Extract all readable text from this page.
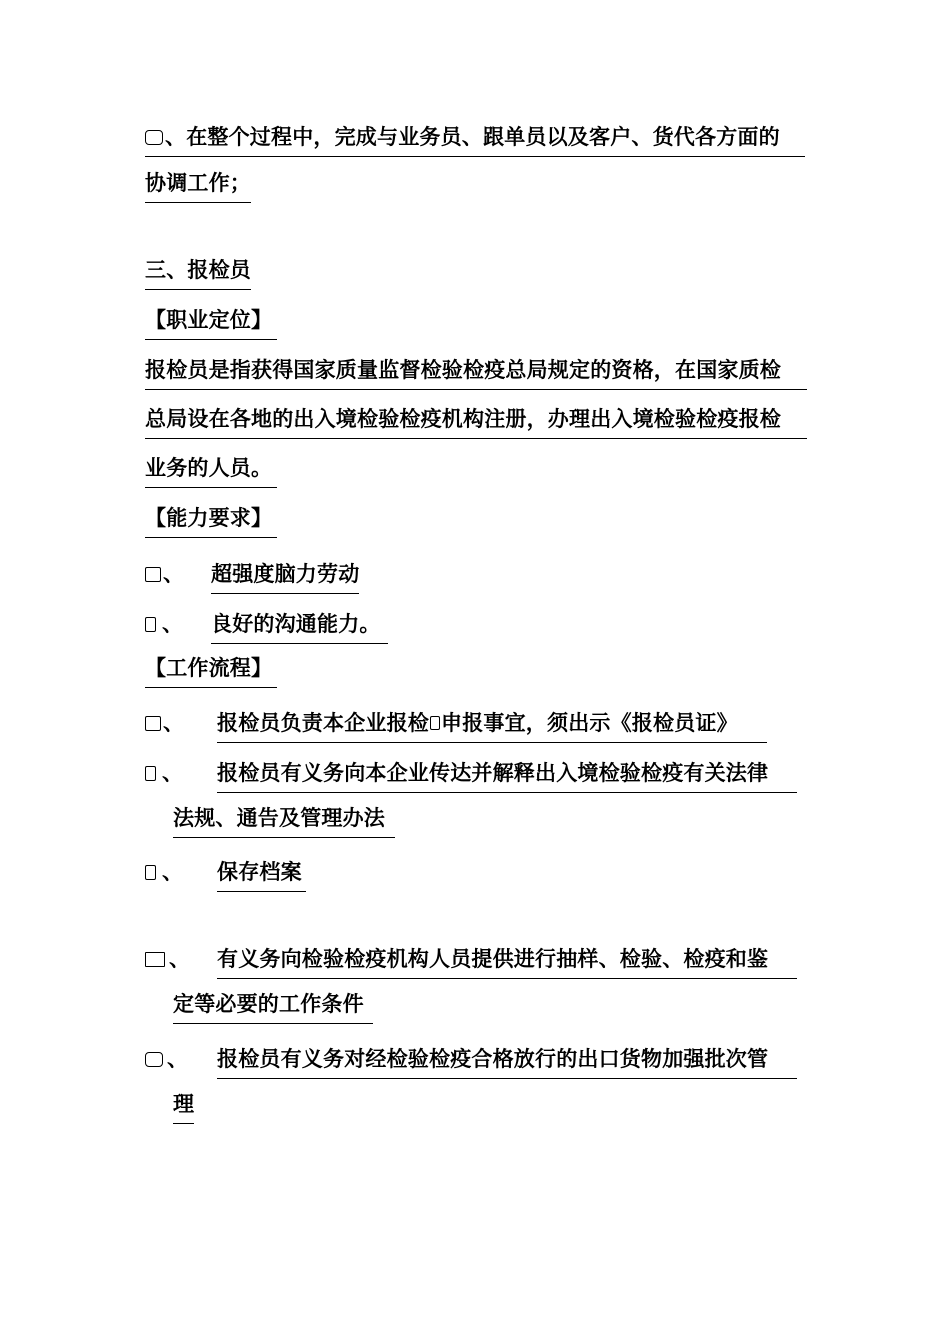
、在整个过程中，完成与业务员、跟单员以及客户、货代各方面的
协调工作；
三、报检员
【职业定位】
报检员是指获得国家质量监督检验检疫总局规定的资格，在国家质检
总局设在各地的出入境检验检疫机构注册，办理出入境检验检疫报检
业务的人员。
【能力要求】
、 超强度脑力劳动
、 良好的沟通能力。
【工作流程】
、 报检员负责本企业报检 申报事宜，须出示《报检员证》
、 报检员有义务向本企业传达并解释出入境检验检疫有关法律
法规、通告及管理办法
、 保存档案
、 有义务向检验检疫机构人员提供进行抽样、检验、检疫和鉴
定等必要的工作条件
、 报检员有义务对经检验检疫合格放行的出口货物加强批次管
理
